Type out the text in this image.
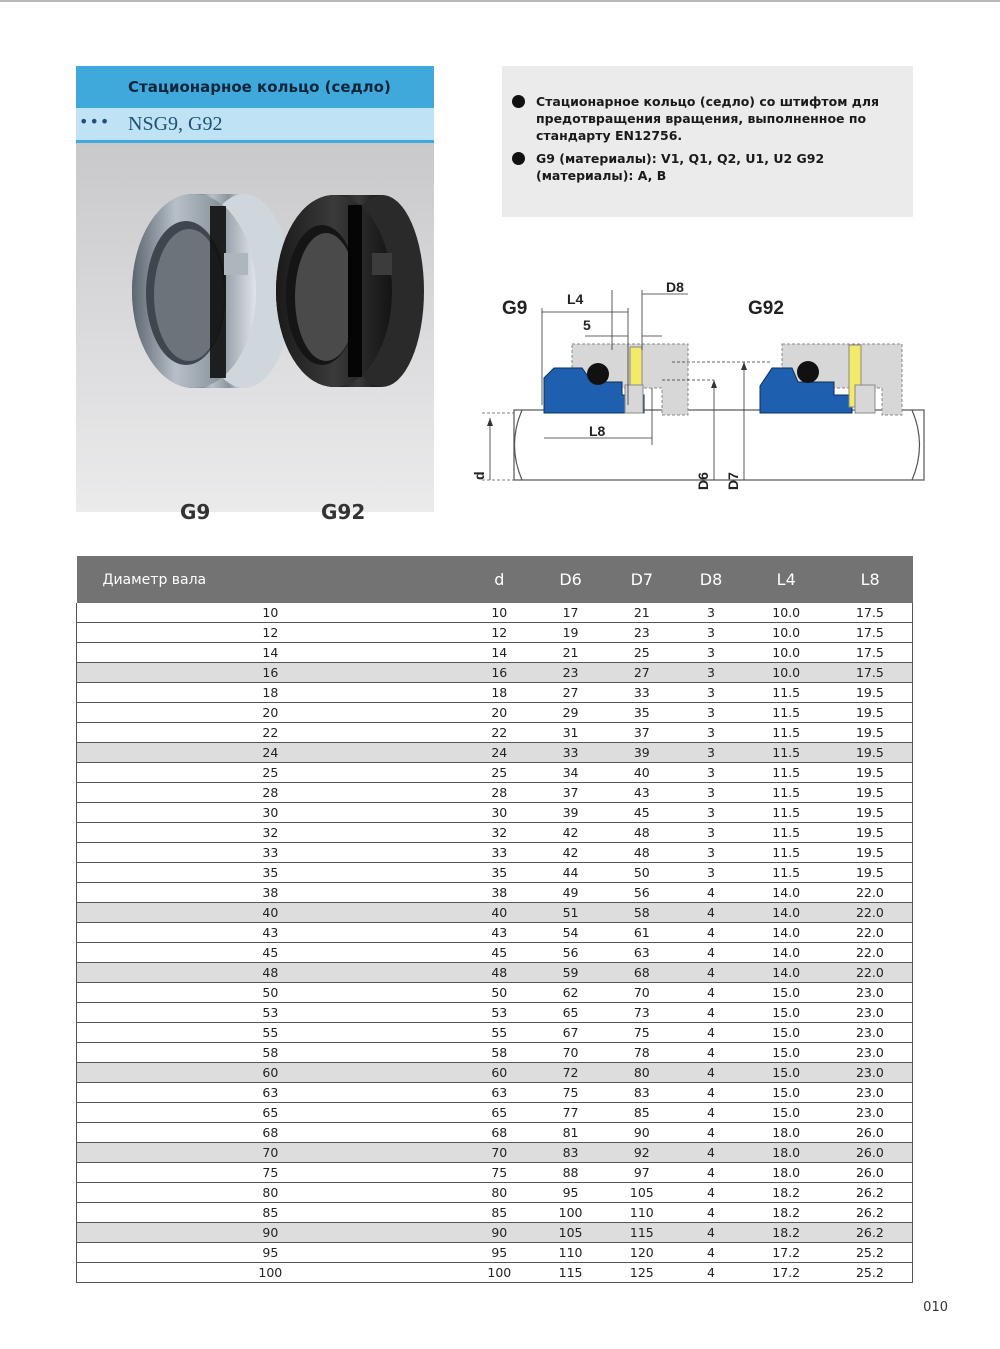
Стационарное кольцо (седло)
••• NSG9, G92
G9	G92
Стационарное кольцо (седло) со штифтом для предотвращения вращения, выполненное по стандарту EN12756.
G9 (материалы): V1, Q1, Q2, U1, U2 G92 (материалы): A, B
G9	G92
L4
D8
5
L8
d	D6 D7
Диаметр вала	d	D6	D7	D8	L4	L8
10	10	17	21	3	10.0	17.5
12	12	19	23	3	10.0	17.5
14	14	21	25	3	10.0	17.5
16	16	23	27	3	10.0	17.5
18	18	27	33	3	11.5	19.5
20	20	29	35	3	11.5	19.5
22	22	31	37	3	11.5	19.5
24	24	33	39	3	11.5	19.5
25	25	34	40	3	11.5	19.5
28	28	37	43	3	11.5	19.5
30	30	39	45	3	11.5	19.5
32	32	42	48	3	11.5	19.5
33	33	42	48	3	11.5	19.5
35	35	44	50	3	11.5	19.5
38	38	49	56	4	14.0	22.0
40	40	51	58	4	14.0	22.0
43	43	54	61	4	14.0	22.0
45	45	56	63	4	14.0	22.0
48	48	59	68	4	14.0	22.0
50	50	62	70	4	15.0	23.0
53	53	65	73	4	15.0	23.0
55	55	67	75	4	15.0	23.0
58	58	70	78	4	15.0	23.0
60	60	72	80	4	15.0	23.0
63	63	75	83	4	15.0	23.0
65	65	77	85	4	15.0	23.0
68	68	81	90	4	18.0	26.0
70	70	83	92	4	18.0	26.0
75	75	88	97	4	18.0	26.0
80	80	95	105	4	18.2	26.2
85	85	100	110	4	18.2	26.2
90	90	105	115	4	18.2	26.2
95	95	110	120	4	17.2	25.2
100	100	115	125	4	17.2	25.2
010
